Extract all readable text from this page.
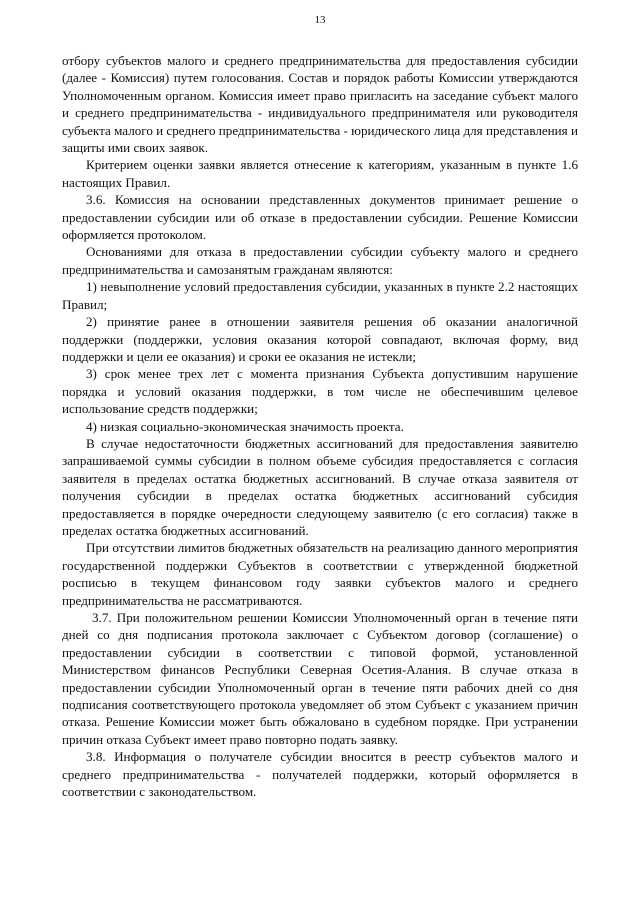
13

отбору субъектов малого и среднего предпринимательства для предоставления субсидии (далее - Комиссия) путем голосования. Состав и порядок работы Комиссии утверждаются Уполномоченным органом. Комиссия имеет право пригласить на заседание субъект малого и среднего предпринимательства - индивидуального предпринимателя или руководителя субъекта малого и среднего предпринимательства - юридического лица для представления и защиты ими своих заявок.

Критерием оценки заявки является отнесение к категориям, указанным в пункте 1.6 настоящих Правил.

3.6. Комиссия на основании представленных документов принимает решение о предоставлении субсидии или об отказе в предоставлении субсидии. Решение Комиссии оформляется протоколом.

Основаниями для отказа в предоставлении субсидии субъекту малого и среднего предпринимательства и самозанятым гражданам являются:

1) невыполнение условий предоставления субсидии, указанных в пункте 2.2 настоящих Правил;

2) принятие ранее в отношении заявителя решения об оказании аналогичной поддержки (поддержки, условия оказания которой совпадают, включая форму, вид поддержки и цели ее оказания) и сроки ее оказания не истекли;

3) срок менее трех лет с момента признания Субъекта допустившим нарушение порядка и условий оказания поддержки, в том числе не обеспечившим целевое использование средств поддержки;

4) низкая социально-экономическая значимость проекта.

В случае недостаточности бюджетных ассигнований для предоставления заявителю запрашиваемой суммы субсидии в полном объеме субсидия предоставляется с согласия заявителя в пределах остатка бюджетных ассигнований. В случае отказа заявителя от получения субсидии в пределах остатка бюджетных ассигнований субсидия предоставляется в порядке очередности следующему заявителю (с его согласия) также в пределах остатка бюджетных ассигнований.

При отсутствии лимитов бюджетных обязательств на реализацию данного мероприятия государственной поддержки Субъектов в соответствии с утвержденной бюджетной росписью в текущем финансовом году заявки субъектов малого и среднего предпринимательства не рассматриваются.

3.7. При положительном решении Комиссии Уполномоченный орган в течение пяти дней со дня подписания протокола заключает с Субъектом договор (соглашение) о предоставлении субсидии в соответствии с типовой формой, установленной Министерством финансов Республики Северная Осетия-Алания. В случае отказа в предоставлении субсидии Уполномоченный орган в течение пяти рабочих дней со дня подписания соответствующего протокола уведомляет об этом Субъект с указанием причин отказа. Решение Комиссии может быть обжаловано в судебном порядке. При устранении причин отказа Субъект имеет право повторно подать заявку.

3.8. Информация о получателе субсидии вносится в реестр субъектов малого и среднего предпринимательства - получателей поддержки, который оформляется в соответствии с законодательством.
